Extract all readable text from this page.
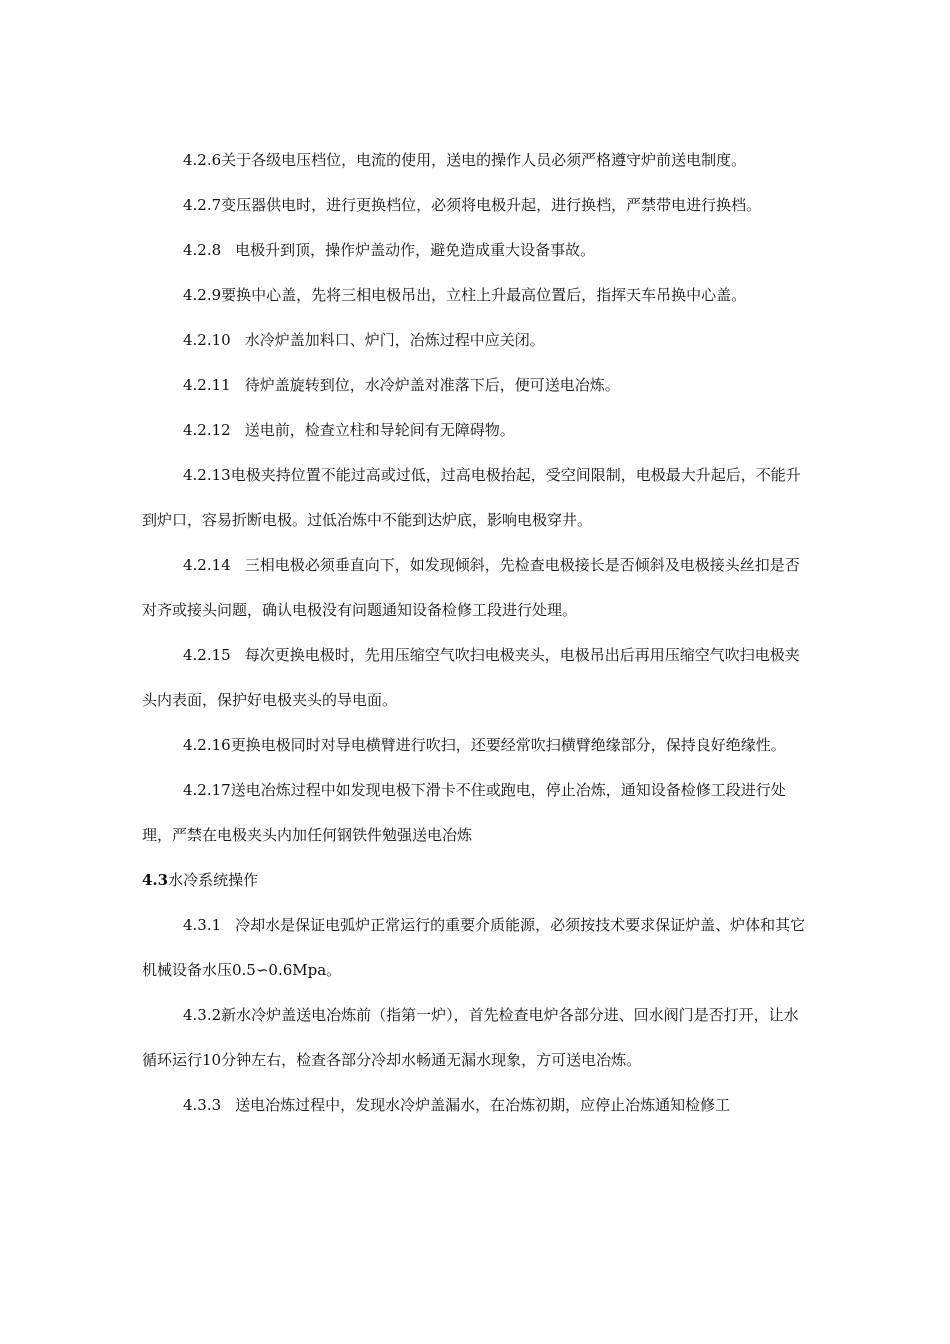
4.2.6关于各级电压档位，电流的使用，送电的操作人员必须严格遵守炉前送电制度。

4.2.7变压器供电时，进行更换档位，必须将电极升起，进行换档，严禁带电进行换档。

4.2.8 电极升到顶，操作炉盖动作，避免造成重大设备事故。

4.2.9要换中心盖，先将三相电极吊出，立柱上升最高位置后，指挥天车吊换中心盖。

4.2.10 水冷炉盖加料口、炉门，冶炼过程中应关闭。

4.2.11 待炉盖旋转到位，水冷炉盖对准落下后，便可送电冶炼。

4.2.12 送电前，检查立柱和导轮间有无障碍物。

4.2.13电极夹持位置不能过高或过低，过高电极抬起，受空间限制，电极最大升起后，不能升到炉口，容易折断电极。过低冶炼中不能到达炉底，影响电极穿井。

4.2.14 三相电极必须垂直向下，如发现倾斜，先检查电极接长是否倾斜及电极接头丝扣是否对齐或接头问题，确认电极没有问题通知设备检修工段进行处理。

4.2.15 每次更换电极时，先用压缩空气吹扫电极夹头，电极吊出后再用压缩空气吹扫电极夹头内表面，保护好电极夹头的导电面。

4.2.16更换电极同时对导电横臂进行吹扫，还要经常吹扫横臂绝缘部分，保持良好绝缘性。

4.2.17送电冶炼过程中如发现电极下滑卡不住或跑电，停止冶炼，通知设备检修工段进行处理，严禁在电极夹头内加任何钢铁件勉强送电冶炼

4.3水冷系统操作

4.3.1 冷却水是保证电弧炉正常运行的重要介质能源，必须按技术要求保证炉盖、炉体和其它机械设备水压0.5∽0.6Mpa。

4.3.2新水冷炉盖送电冶炼前（指第一炉），首先检查电炉各部分进、回水阀门是否打开，让水循环运行10分钟左右，检查各部分冷却水畅通无漏水现象，方可送电冶炼。

4.3.3 送电冶炼过程中，发现水冷炉盖漏水，在冶炼初期，应停止冶炼通知检修工
